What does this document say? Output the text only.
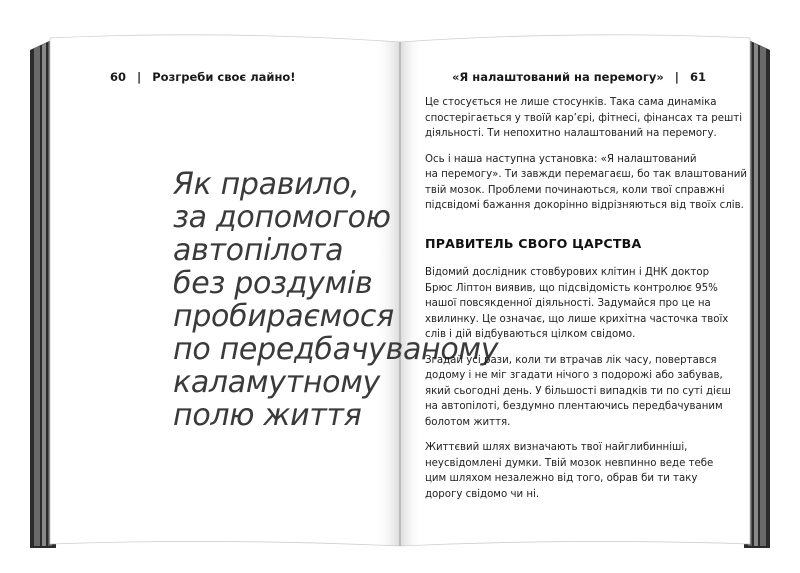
60 | Розгреби своє лайно!
Як правило,
за допомогою
автопілота
без роздумів
пробираємося
по передбачуваному
каламутному
полю життя
«Я налаштований на перемогу» | 61
Це стосується не лише стосунків. Така сама динаміка
спостерігається у твоїй кар’єрі, фітнесі, фінансах та решті
діяльності. Ти непохитно налаштований на перемогу.
Ось і наша наступна установка: «Я налаштований
на перемогу». Ти завжди перемагаєш, бо так влаштований
твій мозок. Проблеми починаються, коли твої справжні
підсвідомі бажання докорінно відрізняються від твоїх слів.
ПРАВИТЕЛЬ СВОГО ЦАРСТВА
Відомий дослідник стовбурових клітин і ДНК доктор
Брюс Ліптон виявив, що підсвідомість контролює 95%
нашої повсякденної діяльності. Задумайся про це на
хвилинку. Це означає, що лише крихітна часточка твоїх
слів і дій відбуваються цілком свідомо.
Згадай усі рази, коли ти втрачав лік часу, повертався
додому і не міг згадати нічого з подорожі або забував,
який сьогодні день. У більшості випадків ти по суті дієш
на автопілоті, бездумно плентаючись передбачуваним
болотом життя.
Життєвий шлях визначають твої найглибинніші,
неусвідомлені думки. Твій мозок невпинно веде тебе
цим шляхом незалежно від того, обрав би ти таку
дорогу свідомо чи ні.
